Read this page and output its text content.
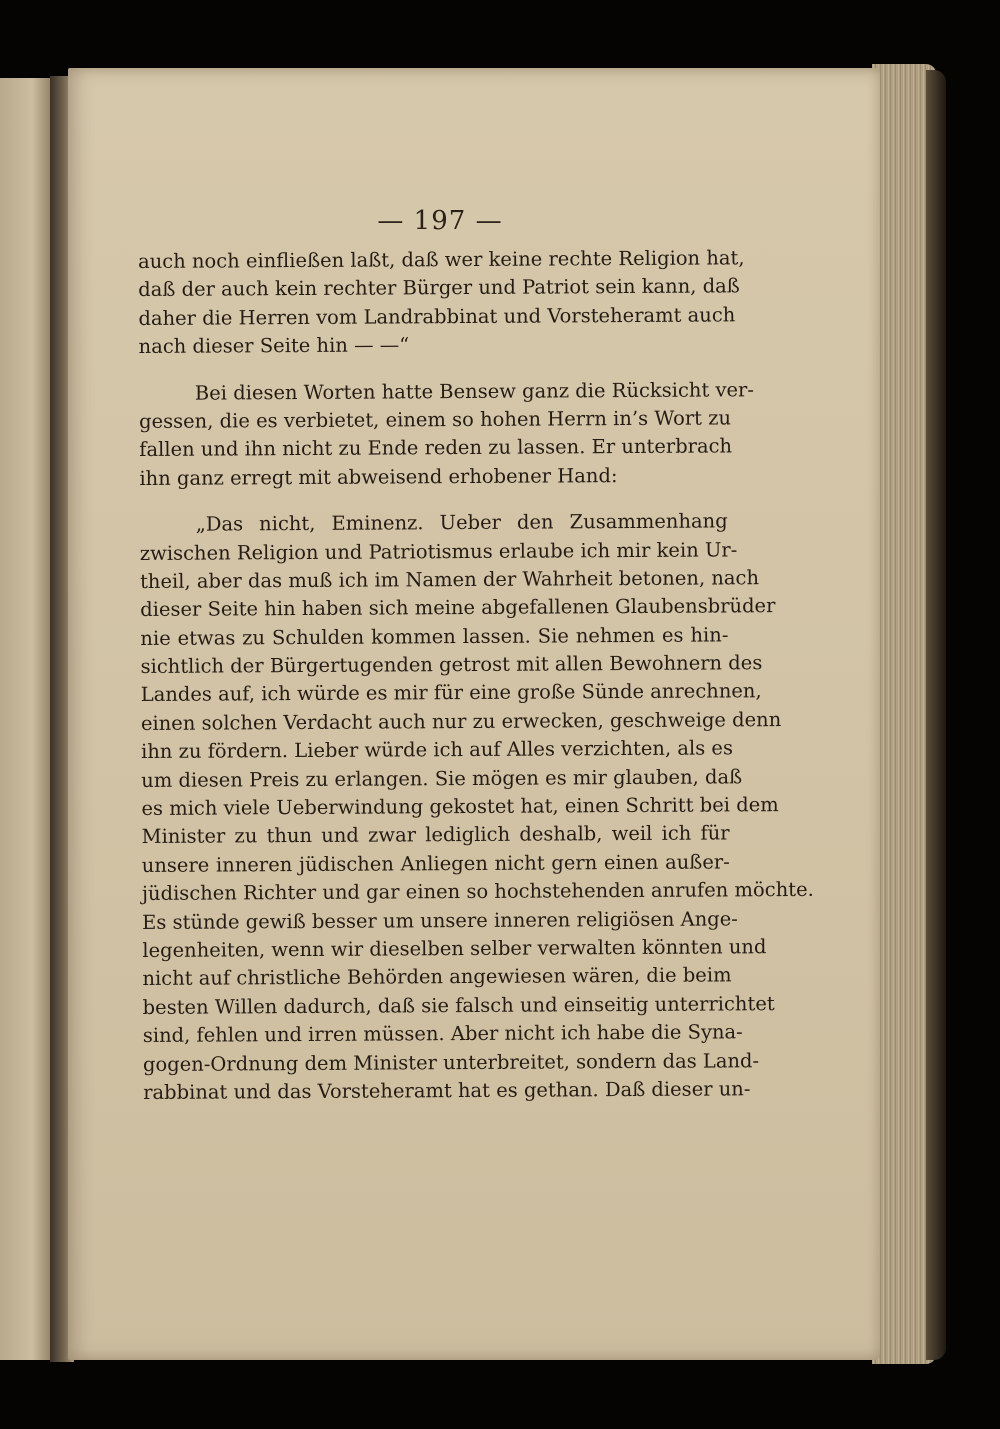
— 197 —
auch noch einfließen laßt, daß wer keine rechte Religion hat,
daß der auch kein rechter Bürger und Patriot sein kann, daß
daher die Herren vom Landrabbinat und Vorsteheramt auch
nach dieser Seite hin — —“
Bei diesen Worten hatte Bensew ganz die Rücksicht ver-
gessen, die es verbietet, einem so hohen Herrn in’s Wort zu
fallen und ihn nicht zu Ende reden zu lassen. Er unterbrach
ihn ganz erregt mit abweisend erhobener Hand:
„Das nicht, Eminenz. Ueber den Zusammenhang
zwischen Religion und Patriotismus erlaube ich mir kein Ur-
theil, aber das muß ich im Namen der Wahrheit betonen, nach
dieser Seite hin haben sich meine abgefallenen Glaubensbrüder
nie etwas zu Schulden kommen lassen. Sie nehmen es hin-
sichtlich der Bürgertugenden getrost mit allen Bewohnern des
Landes auf, ich würde es mir für eine große Sünde anrechnen,
einen solchen Verdacht auch nur zu erwecken, geschweige denn
ihn zu fördern. Lieber würde ich auf Alles verzichten, als es
um diesen Preis zu erlangen. Sie mögen es mir glauben, daß
es mich viele Ueberwindung gekostet hat, einen Schritt bei dem
Minister zu thun und zwar lediglich deshalb, weil ich für
unsere inneren jüdischen Anliegen nicht gern einen außer-
jüdischen Richter und gar einen so hochstehenden anrufen möchte.
Es stünde gewiß besser um unsere inneren religiösen Ange-
legenheiten, wenn wir dieselben selber verwalten könnten und
nicht auf christliche Behörden angewiesen wären, die beim
besten Willen dadurch, daß sie falsch und einseitig unterrichtet
sind, fehlen und irren müssen. Aber nicht ich habe die Syna-
gogen-Ordnung dem Minister unterbreitet, sondern das Land-
rabbinat und das Vorsteheramt hat es gethan. Daß dieser un-
